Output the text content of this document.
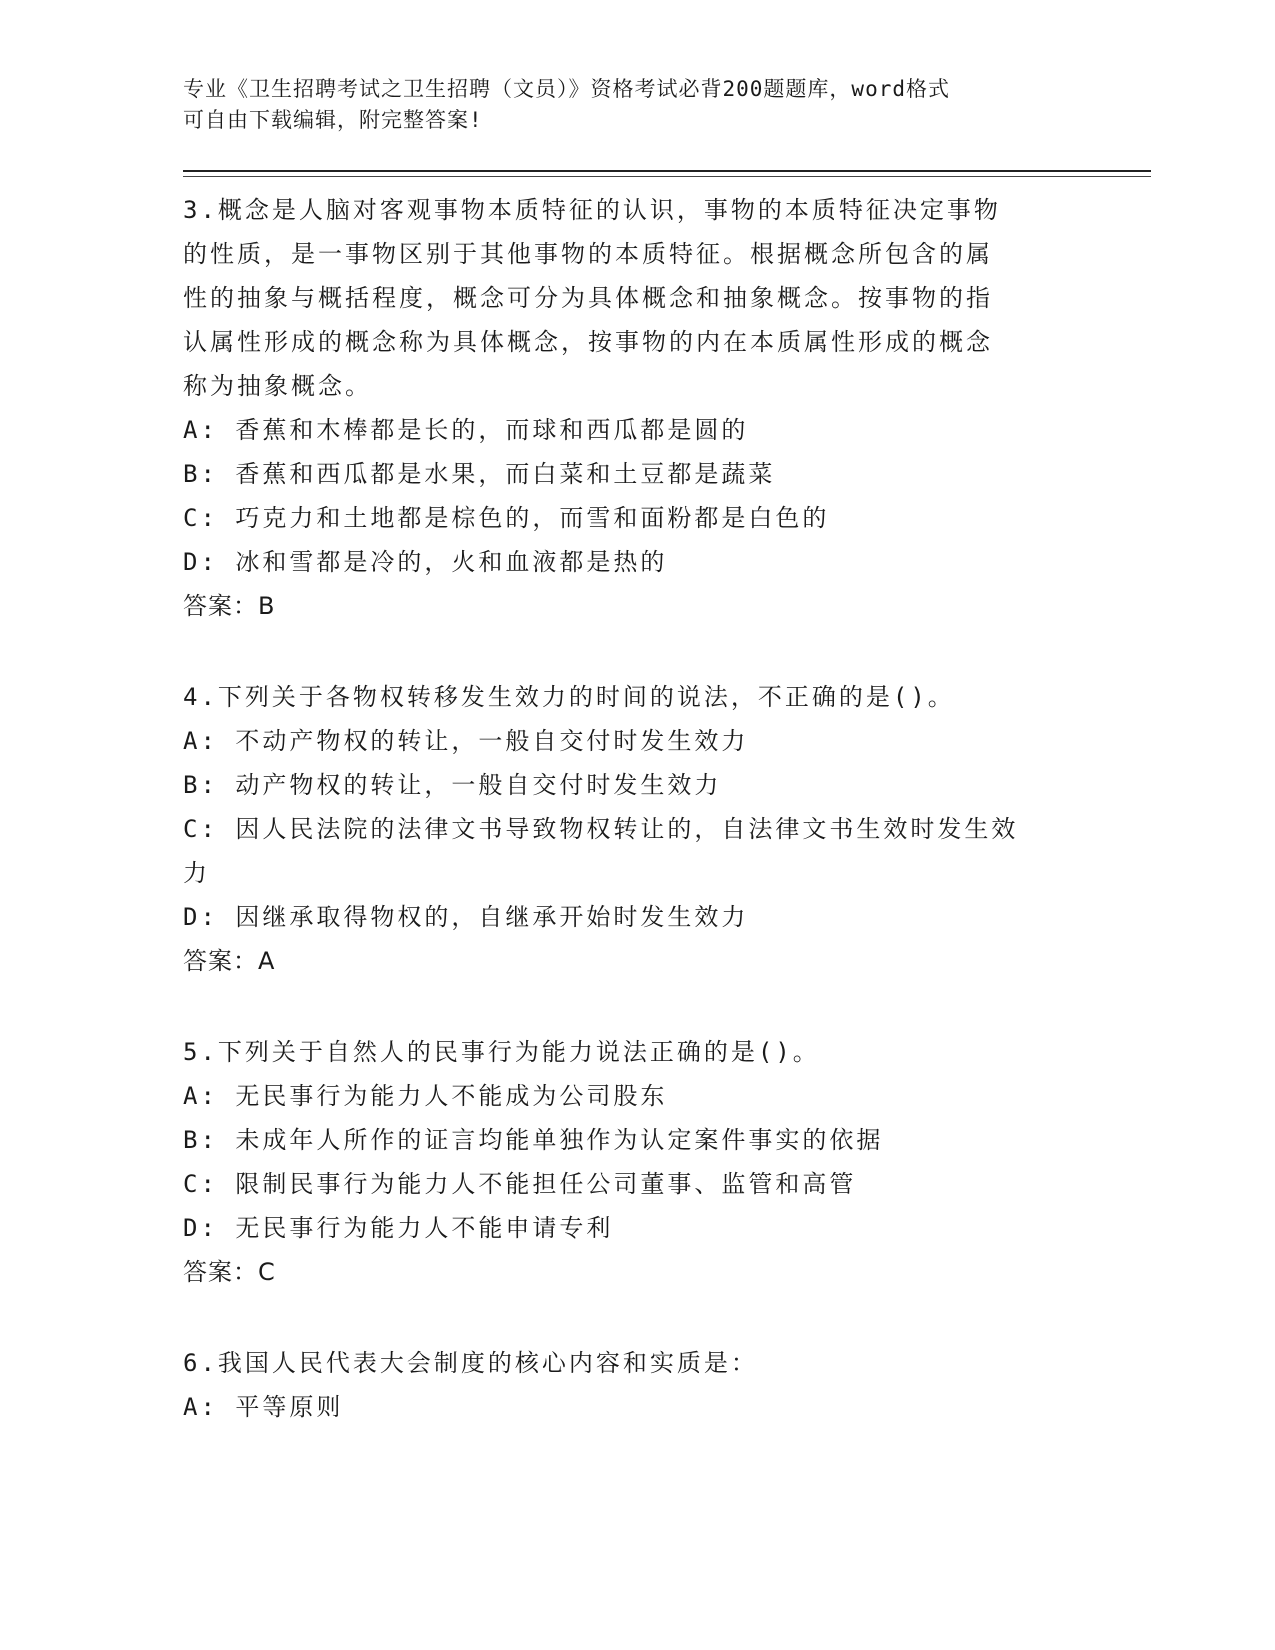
专业《卫生招聘考试之卫生招聘（文员）》资格考试必背200题题库，word格式
可自由下载编辑，附完整答案!
3.概念是人脑对客观事物本质特征的认识，事物的本质特征决定事物
的性质，是一事物区别于其他事物的本质特征。根据概念所包含的属
性的抽象与概括程度，概念可分为具体概念和抽象概念。按事物的指
认属性形成的概念称为具体概念，按事物的内在本质属性形成的概念
称为抽象概念。
A: 香蕉和木棒都是长的，而球和西瓜都是圆的
B: 香蕉和西瓜都是水果，而白菜和土豆都是蔬菜
C: 巧克力和土地都是棕色的，而雪和面粉都是白色的
D: 冰和雪都是冷的，火和血液都是热的
答案：B
4.下列关于各物权转移发生效力的时间的说法，不正确的是()。
A: 不动产物权的转让，一般自交付时发生效力
B: 动产物权的转让，一般自交付时发生效力
C: 因人民法院的法律文书导致物权转让的，自法律文书生效时发生效
力
D: 因继承取得物权的，自继承开始时发生效力
答案：A
5.下列关于自然人的民事行为能力说法正确的是()。
A: 无民事行为能力人不能成为公司股东
B: 未成年人所作的证言均能单独作为认定案件事实的依据
C: 限制民事行为能力人不能担任公司董事、监管和高管
D: 无民事行为能力人不能申请专利
答案：C
6.我国人民代表大会制度的核心内容和实质是：
A: 平等原则
